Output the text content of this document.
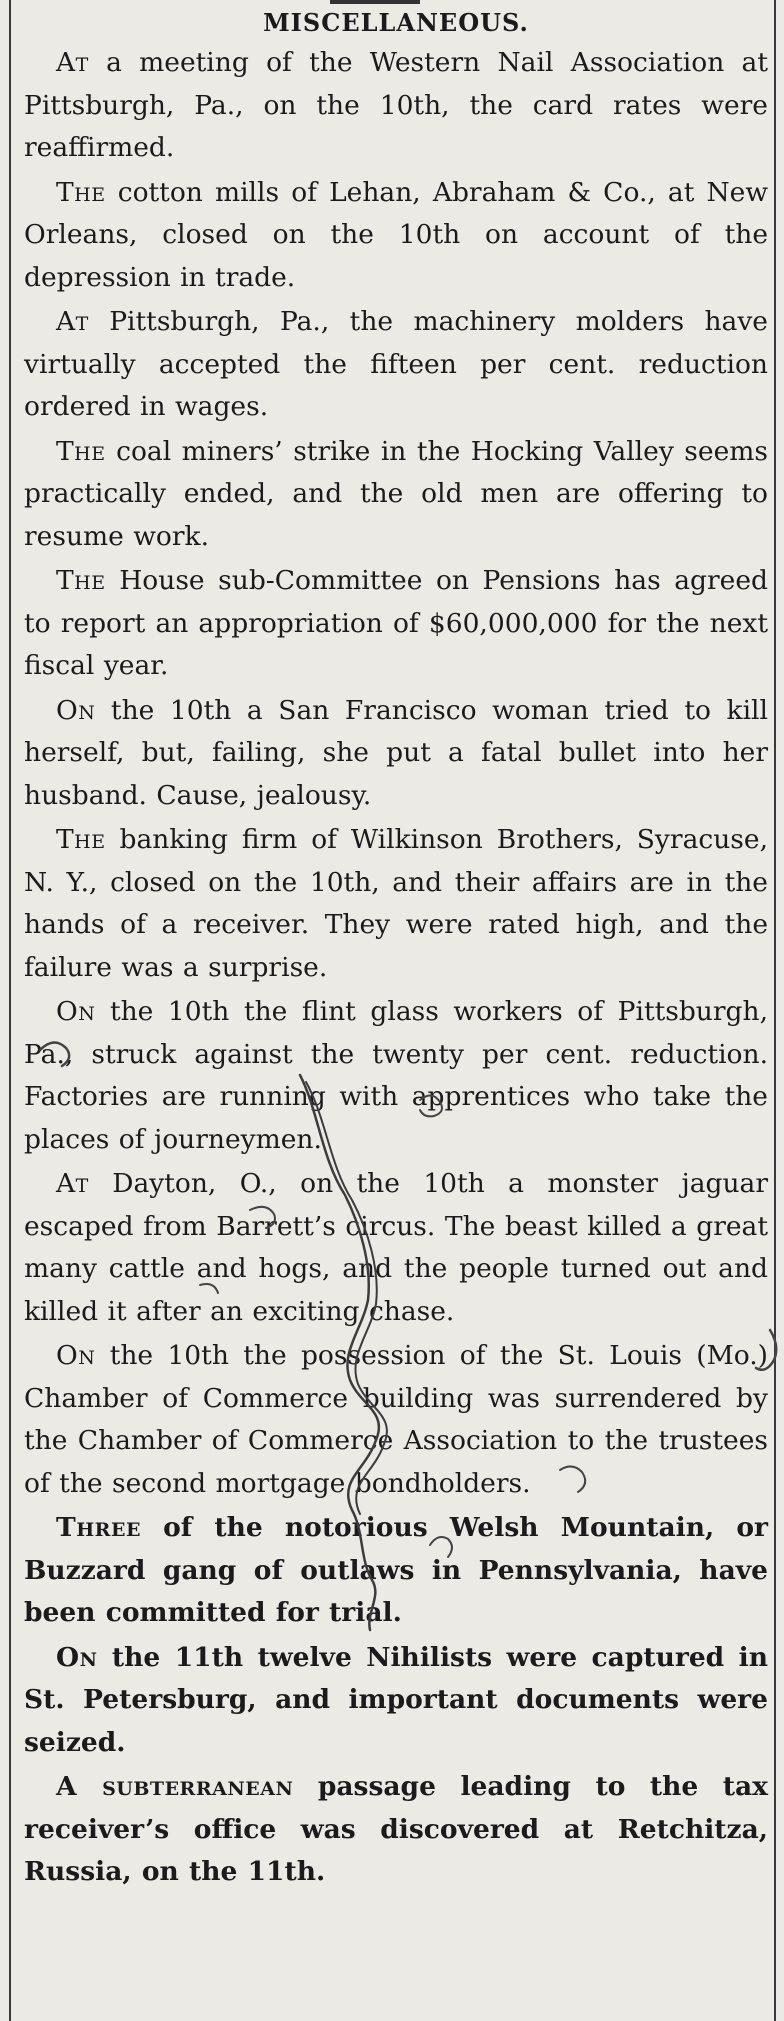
MISCELLANEOUS.

At a meeting of the Western Nail Association at Pittsburgh, Pa., on the 10th, the card rates were reaffirmed.

The cotton mills of Lehan, Abraham & Co., at New Orleans, closed on the 10th on account of the depression in trade.

At Pittsburgh, Pa., the machinery molders have virtually accepted the fifteen per cent. reduction ordered in wages.

The coal miners’ strike in the Hocking Valley seems practically ended, and the old men are offering to resume work.

The House sub-Committee on Pensions has agreed to report an appropriation of $60,000,000 for the next fiscal year.

On the 10th a San Francisco woman tried to kill herself, but, failing, she put a fatal bullet into her husband. Cause, jealousy.

The banking firm of Wilkinson Brothers, Syracuse, N. Y., closed on the 10th, and their affairs are in the hands of a receiver. They were rated high, and the failure was a surprise.

On the 10th the flint glass workers of Pittsburgh, Pa., struck against the twenty per cent. reduction. Factories are running with apprentices who take the places of journeymen.

At Dayton, O., on the 10th a monster jaguar escaped from Barrett’s circus. The beast killed a great many cattle and hogs, and the people turned out and killed it after an exciting chase.

On the 10th the possession of the St. Louis (Mo.) Chamber of Commerce building was surrendered by the Chamber of Commerce Association to the trustees of the second mortgage bondholders.

Three of the notorious Welsh Mountain, or Buzzard gang of outlaws in Pennsylvania, have been committed for trial.

On the 11th twelve Nihilists were captured in St. Petersburg, and important documents were seized.

A subterranean passage leading to the tax receiver’s office was discovered at Retchitza, Russia, on the 11th.
